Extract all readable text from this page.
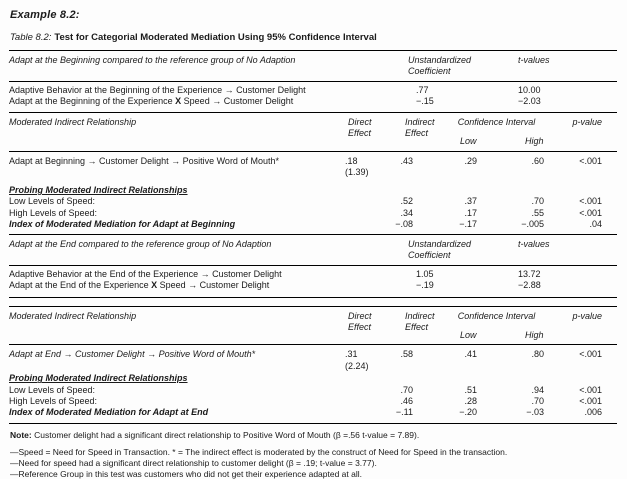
Example 8.2:
Table 8.2: Test for Categorial Moderated Mediation Using 95% Confidence Interval
Adapt at the Beginning compared to the reference group of No Adaption	Unstandardized Coefficient	t-values
Adaptive Behavior at the Beginning of the Experience → Customer Delight	.77	10.00
Adapt at the Beginning of the Experience X Speed → Customer Delight	−.15	−2.03
Moderated Indirect Relationship	Direct Effect	Indirect Effect	Confidence Interval		p-value
			Low	High	
Adapt at Beginning → Customer Delight → Positive Word of Mouth*	.18 (1.39)	.43	.29	.60	<.001
Probing Moderated Indirect Relationships					
Low Levels of Speed:		.52	.37	.70	<.001
High Levels of Speed:		.34	.17	.55	<.001
Index of Moderated Mediation for Adapt at Beginning		−.08	−.17	−.005	.04
Adapt at the End compared to the reference group of No Adaption	Unstandardized Coefficient	t-values
Adaptive Behavior at the End of the Experience → Customer Delight	1.05	13.72
Adapt at the End of the Experience X Speed → Customer Delight	−.19	−2.88
Moderated Indirect Relationship	Direct Effect	Indirect Effect	Confidence Interval		p-value
			Low	High	
Adapt at End → Customer Delight → Positive Word of Mouth*	.31 (2.24)	.58	.41	.80	<.001
Probing Moderated Indirect Relationships					
Low Levels of Speed:		.70	.51	.94	<.001
High Levels of Speed:		.46	.28	.70	<.001
Index of Moderated Mediation for Adapt at End		−.11	−.20	−.03	.006
Note: Customer delight had a significant direct relationship to Positive Word of Mouth (β =.56 t-value = 7.89).
—Speed = Need for Speed in Transaction. * = The indirect effect is moderated by the construct of Need for Speed in the transaction.
—Need for speed had a significant direct relationship to customer delight (β = .19; t-value = 3.77).
—Reference Group in this test was customers who did not get their experience adapted at all.
